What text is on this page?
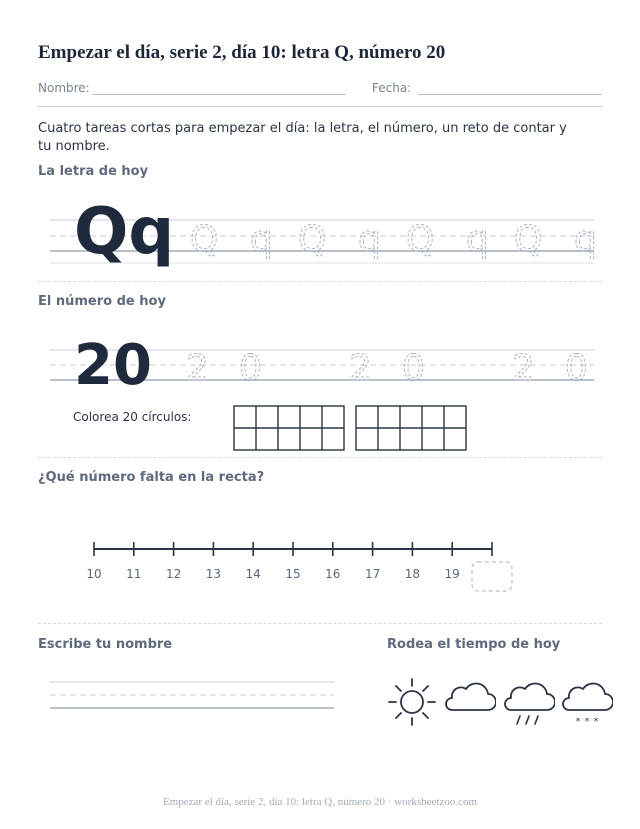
Empezar el día, serie 2, día 10: letra Q, número 20
Nombre:	Fecha:
Cuatro tareas cortas para empezar el día: la letra, el número, un reto de contar y tu nombre.
La letra de hoy
Qq Q q Q q Q q Q q
El número de hoy
20 2 0 2 0 2 0
Colorea 20 círculos:
¿Qué número falta en la recta?
10 11 12 13 14 15 16 17 18 19
Escribe tu nombre	Rodea el tiempo de hoy
* * *
Empezar el día, serie 2, día 10: letra Q, número 20 · worksheetzoo.com
